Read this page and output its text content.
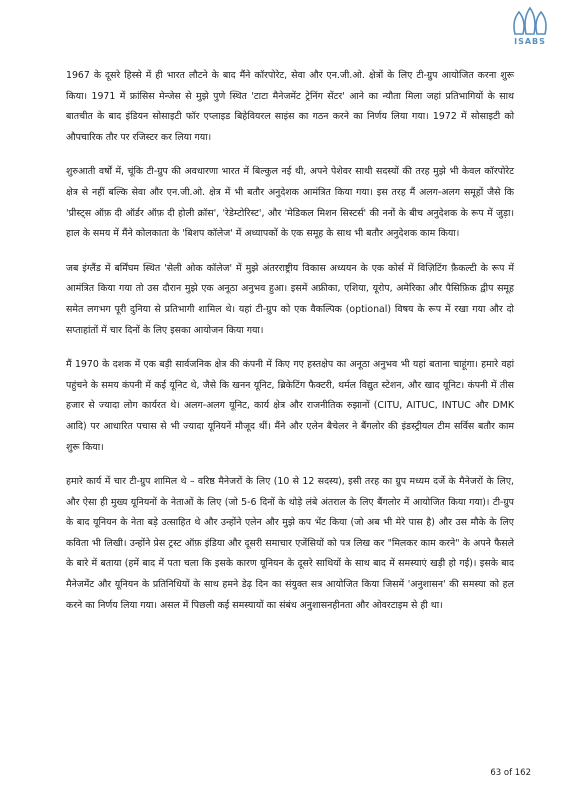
ISABS

1967 के दूसरे हिस्से में ही भारत लौटने के बाद मैंने कॉरपोरेट, सेवा और एन.जी.ओ. क्षेत्रों के लिए टी-ग्रुप आयोजित करना शुरू किया। 1971 में फ्रांसिस मेन्जेस से मुझे पुणे स्थित 'टाटा मैनेजमेंट ट्रेनिंग सेंटर' आने का न्यौता मिला जहां प्रतिभागियों के साथ बातचीत के बाद इंडियन सोसाइटी फॉर एप्लाइड बिहेवियरल साइंस का गठन करने का निर्णय लिया गया। 1972 में सोसाइटी को औपचारिक तौर पर रजिस्टर कर लिया गया।

शुरुआती वर्षों में, चूंकि टी-ग्रुप की अवधारणा भारत में बिल्कुल नई थी, अपने पेशेवर साथी सदस्यों की तरह मुझे भी केवल कॉरपोरेट क्षेत्र से नहीं बल्कि सेवा और एन.जी.ओ. क्षेत्र में भी बतौर अनुदेशक आमंत्रित किया गया। इस तरह मैं अलग-अलग समूहों जैसे कि 'प्रीस्ट्स ऑफ़ दी ऑर्डर ऑफ़ दी होली क्रॉस', 'रेडेम्टोरिस्ट', और 'मेडिकल मिशन सिस्टर्स' की ननों के बीच अनुदेशक के रूप में जुड़ा। हाल के समय में मैंने कोलकाता के 'बिशप कॉलेज' में अध्यापकों के एक समूह के साथ भी बतौर अनुदेशक काम किया।

जब इंग्लैंड में बर्मिंघम स्थित 'सेली ओक कॉलेज' में मुझे अंतरराष्ट्रीय विकास अध्ययन के एक कोर्स में विज़िटिंग फ़ैकल्टी के रूप में आमंत्रित किया गया तो उस दौरान मुझे एक अनूठा अनुभव हुआ। इसमें अफ्रीका, एशिया, यूरोप, अमेरिका और पैसिफ़िक द्वीप समूह समेत लगभग पूरी दुनिया से प्रतिभागी शामिल थे। यहां टी-ग्रुप को एक वैकल्पिक (optional) विषय के रूप में रखा गया और दो सप्ताहांतों में चार दिनों के लिए इसका आयोजन किया गया।

मैं 1970 के दशक में एक बड़ी सार्वजनिक क्षेत्र की कंपनी में किए गए हस्तक्षेप का अनूठा अनुभव भी यहां बताना चाहूंगा। हमारे वहां पहुंचने के समय कंपनी में कई यूनिट थे, जैसे कि खनन यूनिट, ब्रिकेटिंग फैक्टरी, थर्मल विद्युत स्टेशन, और खाद यूनिट। कंपनी में तीस हजार से ज्यादा लोग कार्यरत थे। अलग-अलग यूनिट, कार्य क्षेत्र और राजनीतिक रुझानों (CITU, AITUC, INTUC और DMK आदि) पर आधारित पचास से भी ज्यादा यूनियनें मौजूद थीं। मैंने और एलेन बैचेलर ने बैंगलोर की इंडस्ट्रीयल टीम सर्विस बतौर काम शुरू किया।

हमारे कार्य में चार टी-ग्रुप शामिल थे – वरिष्ठ मैनेजरों के लिए (10 से 12 सदस्य), इसी तरह का ग्रुप मध्यम दर्जे के मैनेजरों के लिए, और ऐसा ही मुख्य यूनियनों के नेताओं के लिए (जो 5-6 दिनों के थोड़े लंबे अंतराल के लिए बैंगलोर में आयोजित किया गया)। टी-ग्रुप के बाद यूनियन के नेता बड़े उत्साहित थे और उन्होंने एलेन और मुझे कप भेंट किया (जो अब भी मेरे पास है) और उस मौके के लिए कविता भी लिखी। उन्होंने प्रेस ट्रस्ट ऑफ़ इंडिया और दूसरी समाचार एजेंसियों को पत्र लिख कर "मिलकर काम करने" के अपने फैसले के बारे में बताया (हमें बाद में पता चला कि इसके कारण यूनियन के दूसरे साथियों के साथ बाद में समस्याएं खड़ी हो गई)। इसके बाद मैनेजमेंट और यूनियन के प्रतिनिधियों के साथ हमने डेढ़ दिन का संयुक्त सत्र आयोजित किया जिसमें 'अनुशासन' की समस्या को हल करने का निर्णय लिया गया। असल में पिछली कई समस्यायों का संबंध अनुशासनहीनता और ओवरटाइम से ही था।

63 of 162
